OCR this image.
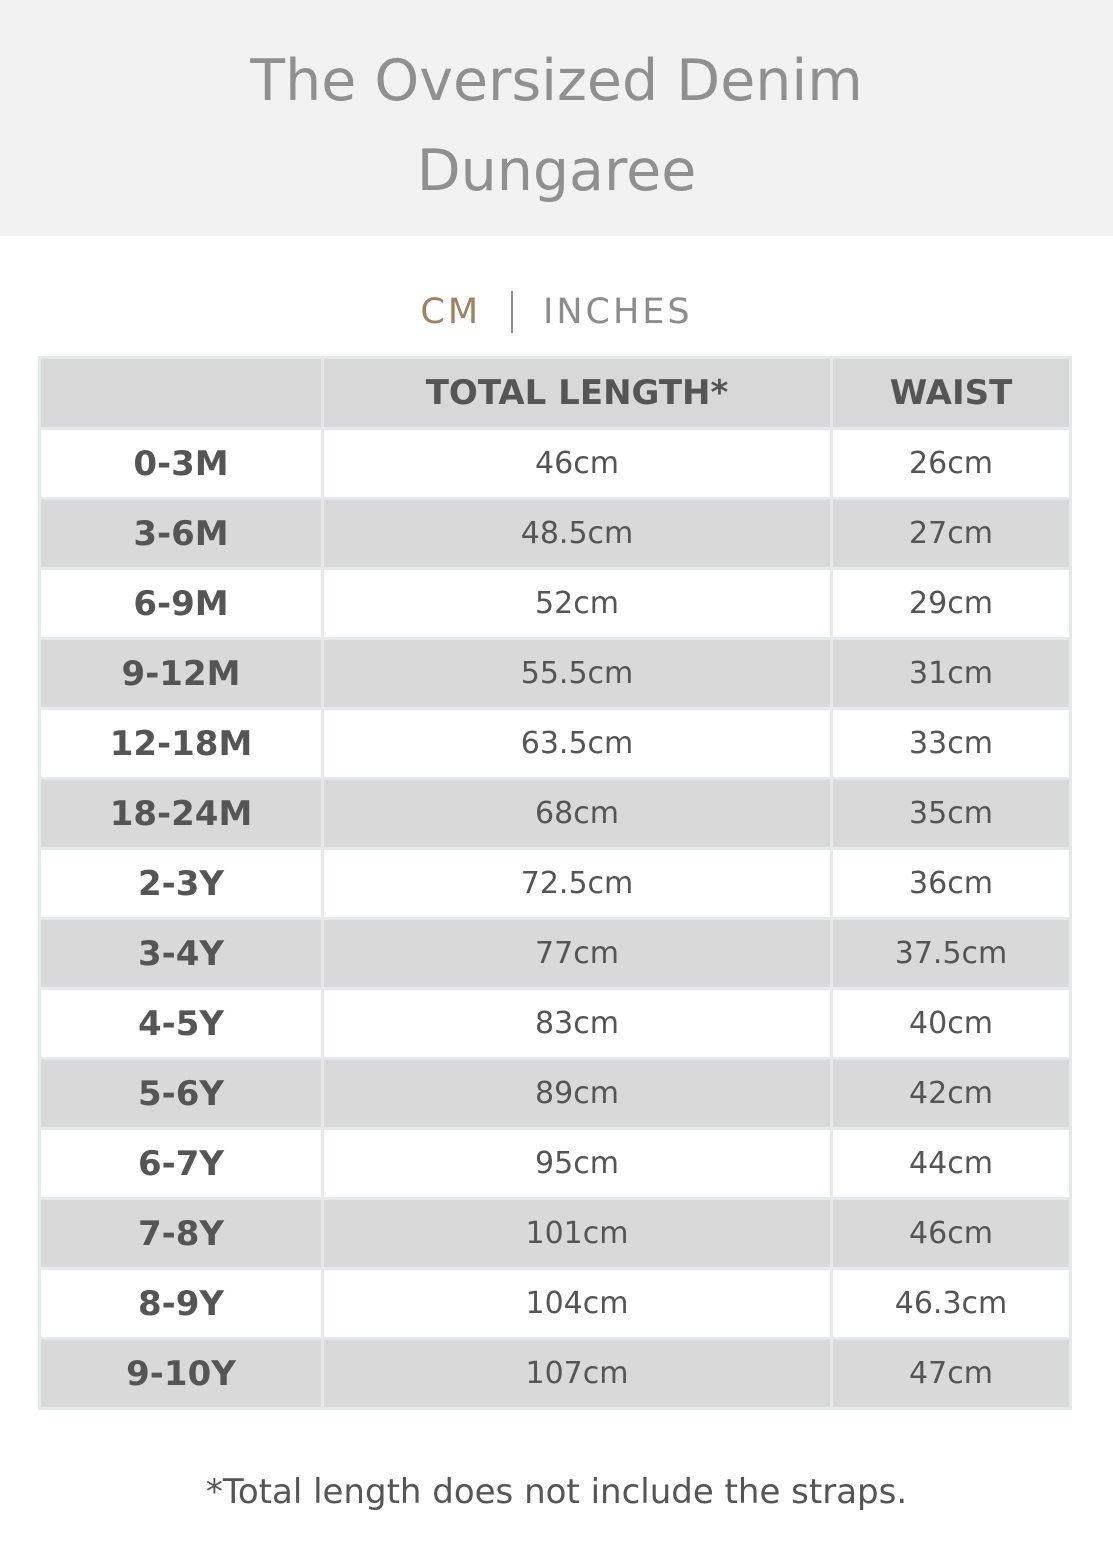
The Oversized Denim
Dungaree
CM INCHES
	TOTAL LENGTH*	WAIST
0-3M	46cm	26cm
3-6M	48.5cm	27cm
6-9M	52cm	29cm
9-12M	55.5cm	31cm
12-18M	63.5cm	33cm
18-24M	68cm	35cm
2-3Y	72.5cm	36cm
3-4Y	77cm	37.5cm
4-5Y	83cm	40cm
5-6Y	89cm	42cm
6-7Y	95cm	44cm
7-8Y	101cm	46cm
8-9Y	104cm	46.3cm
9-10Y	107cm	47cm
*Total length does not include the straps.
